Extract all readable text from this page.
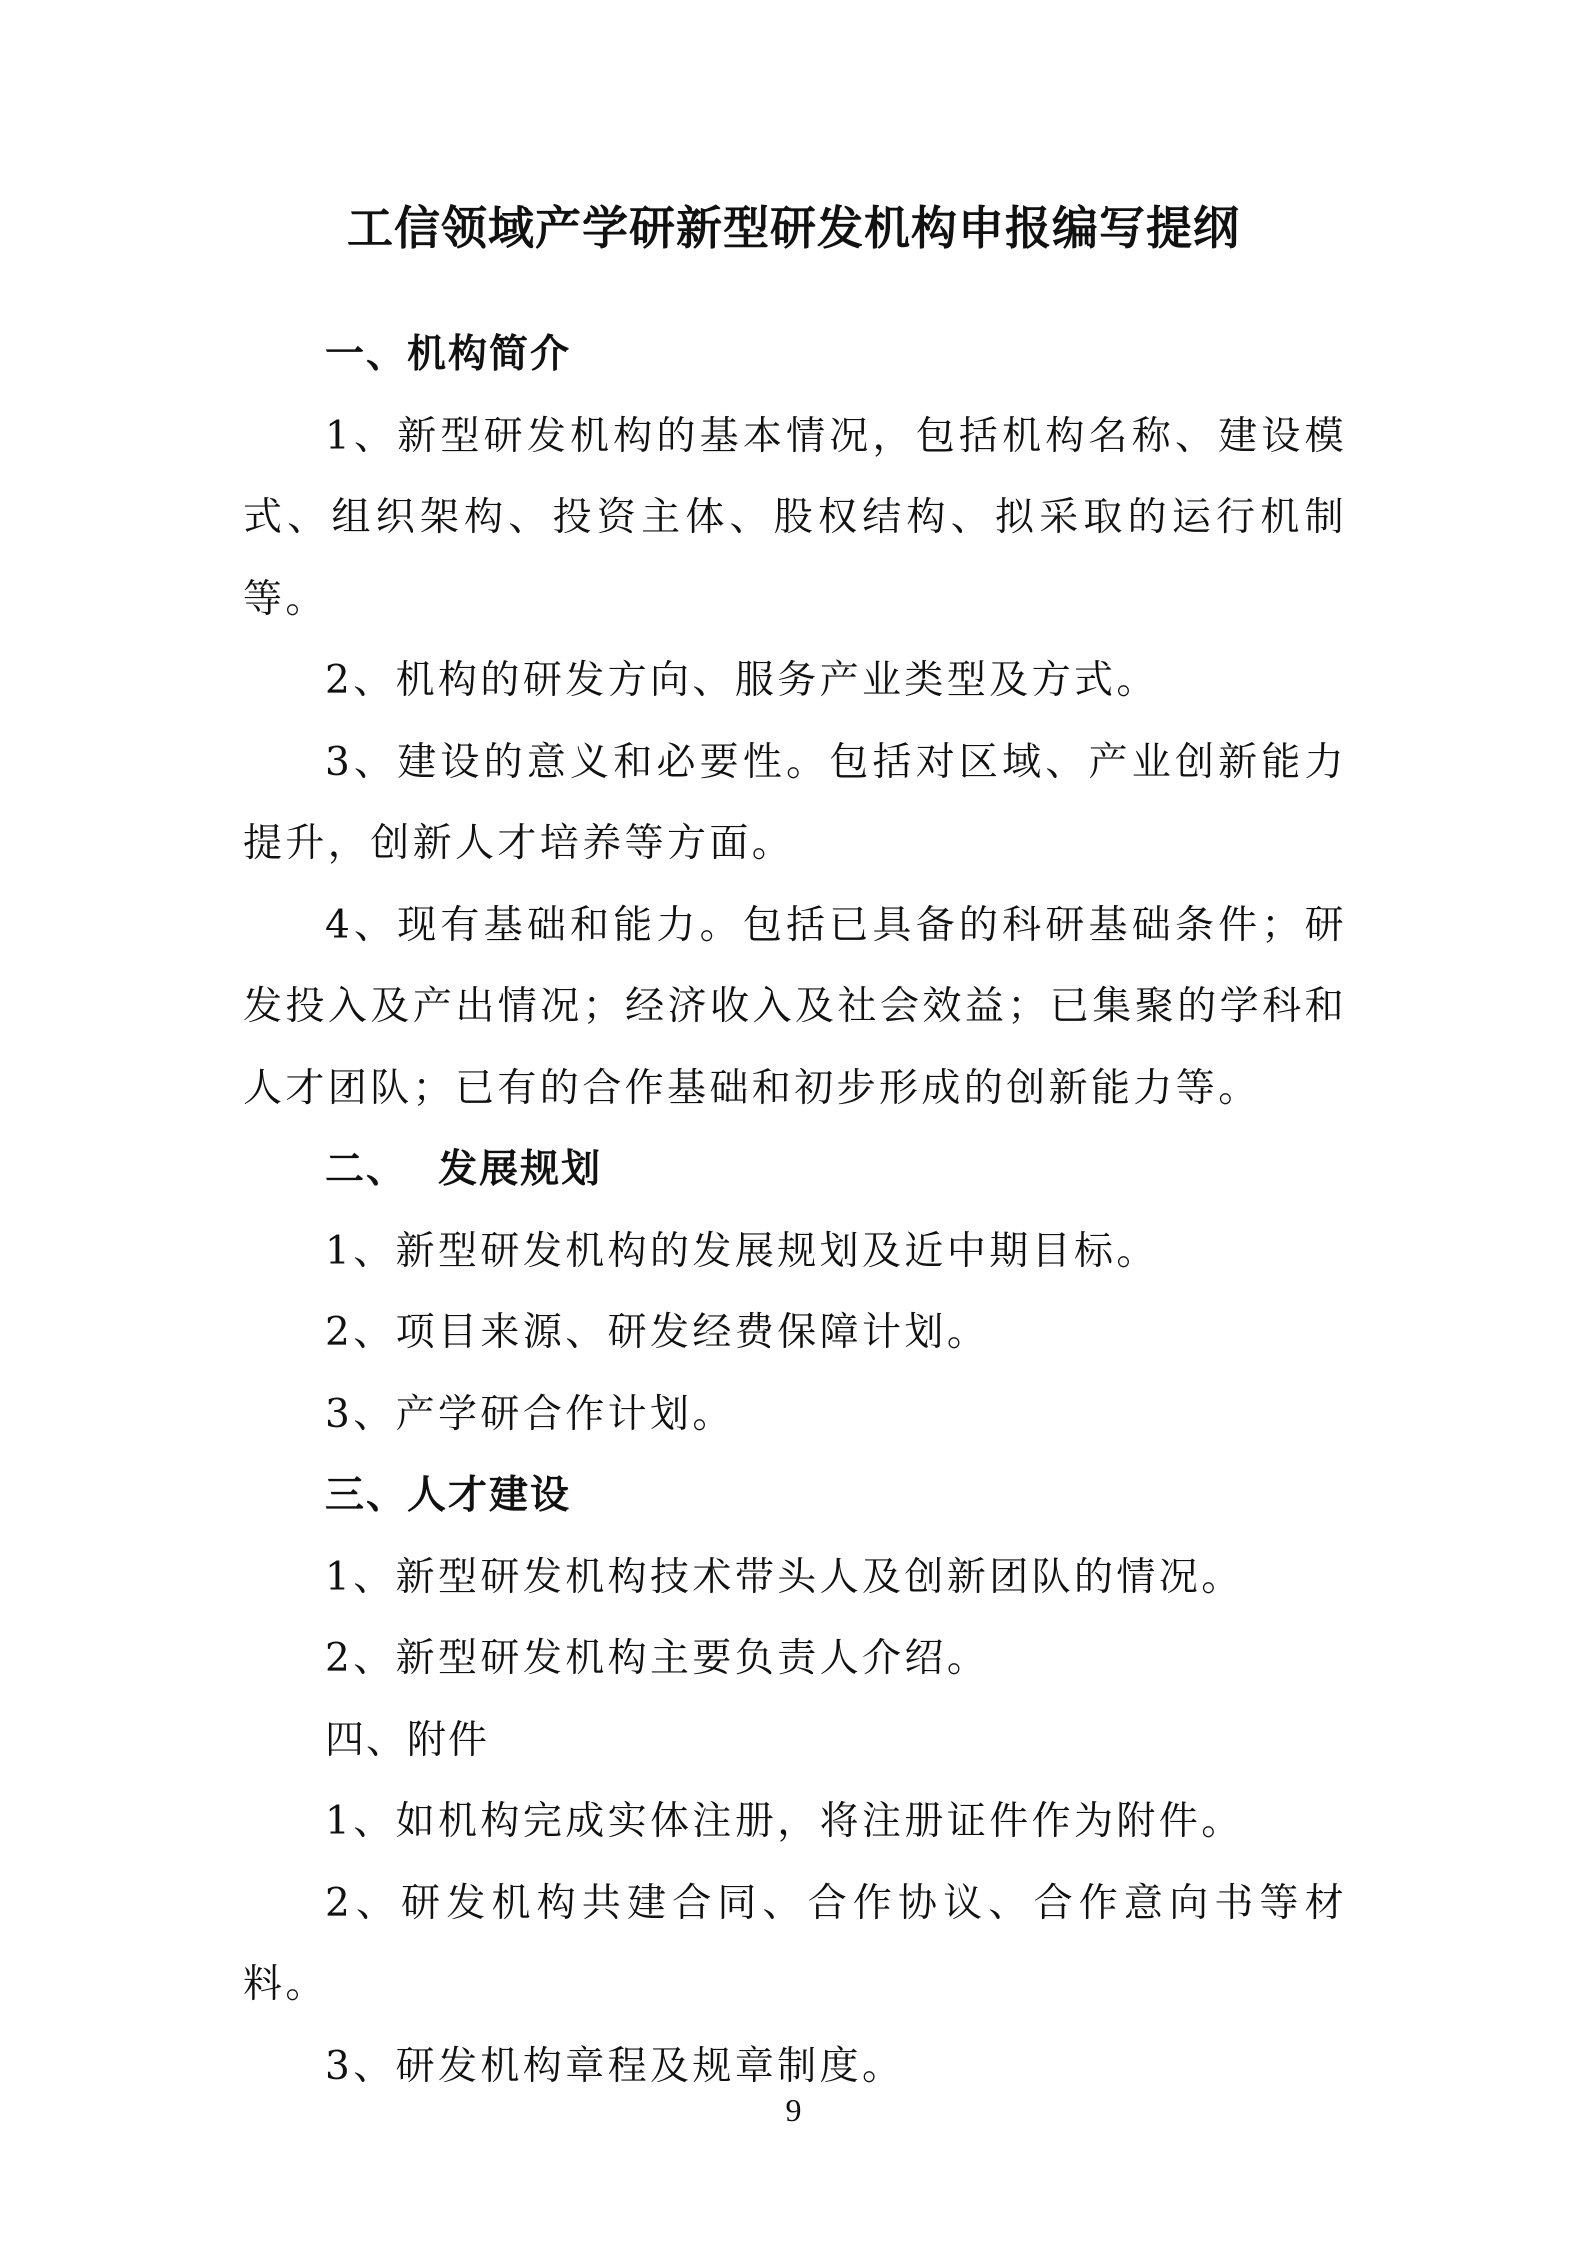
工信领域产学研新型研发机构申报编写提纲

一、机构简介

1、新型研发机构的基本情况，包括机构名称、建设模式、组织架构、投资主体、股权结构、拟采取的运行机制等。

2、机构的研发方向、服务产业类型及方式。

3、建设的意义和必要性。包括对区域、产业创新能力提升，创新人才培养等方面。

4、现有基础和能力。包括已具备的科研基础条件；研发投入及产出情况；经济收入及社会效益；已集聚的学科和人才团队；已有的合作基础和初步形成的创新能力等。

二、  发展规划

1、新型研发机构的发展规划及近中期目标。

2、项目来源、研发经费保障计划。

3、产学研合作计划。

三、人才建设

1、新型研发机构技术带头人及创新团队的情况。

2、新型研发机构主要负责人介绍。

四、附件

1、如机构完成实体注册，将注册证件作为附件。

2、研发机构共建合同、合作协议、合作意向书等材料。

3、研发机构章程及规章制度。

9
